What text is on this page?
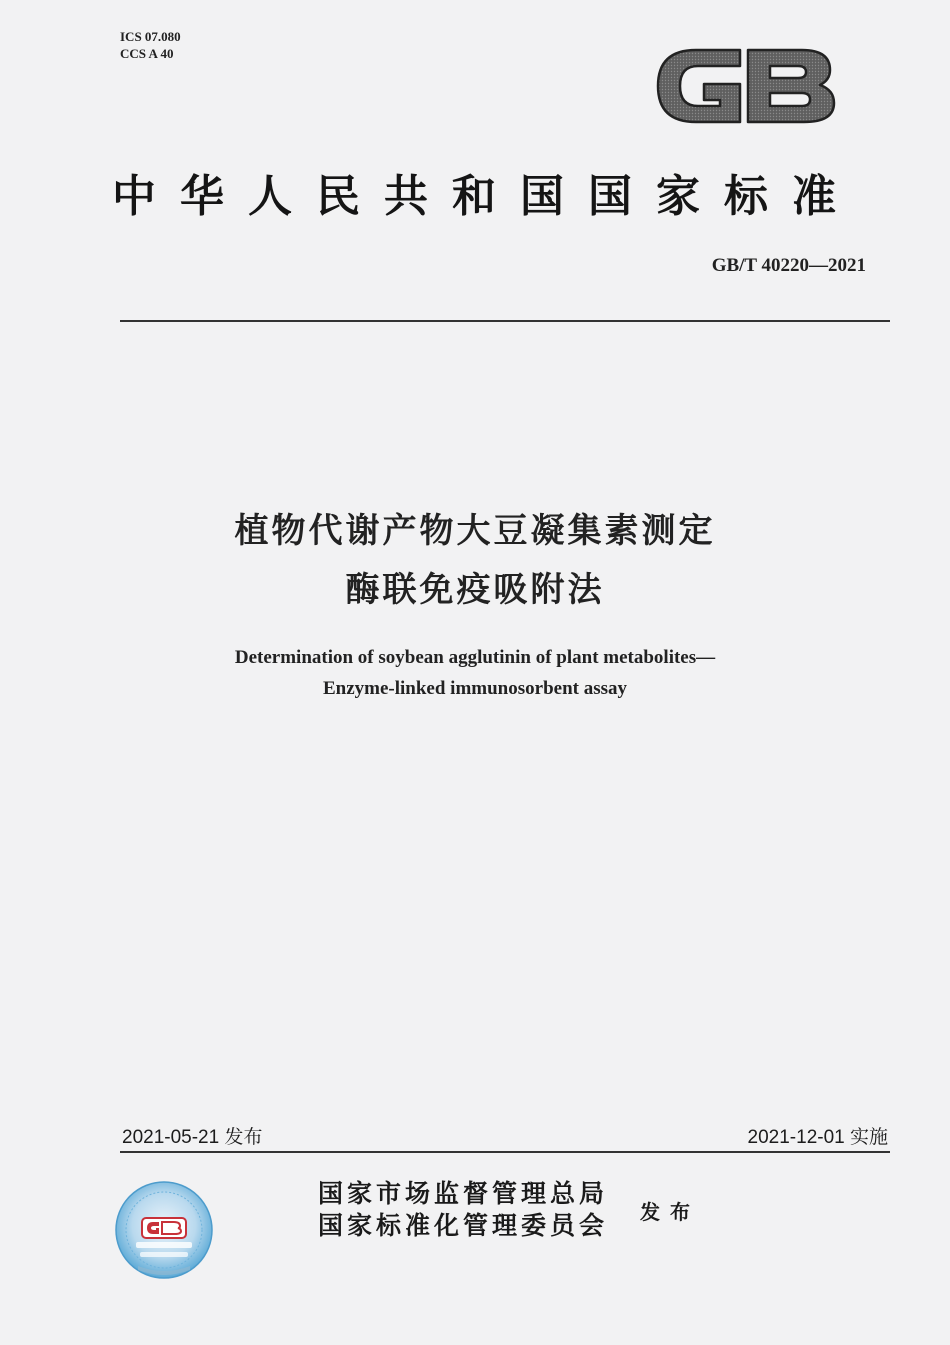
ICS 07.080
CCS A 40
中华人民共和国国家标准
GB/T 40220—2021
植物代谢产物大豆凝集素测定
酶联免疫吸附法
Determination of soybean agglutinin of plant metabolites—
Enzyme-linked immunosorbent assay
2021-05-21 发布	2021-12-01 实施
国家市场监督管理总局
国家标准化管理委员会 发布
